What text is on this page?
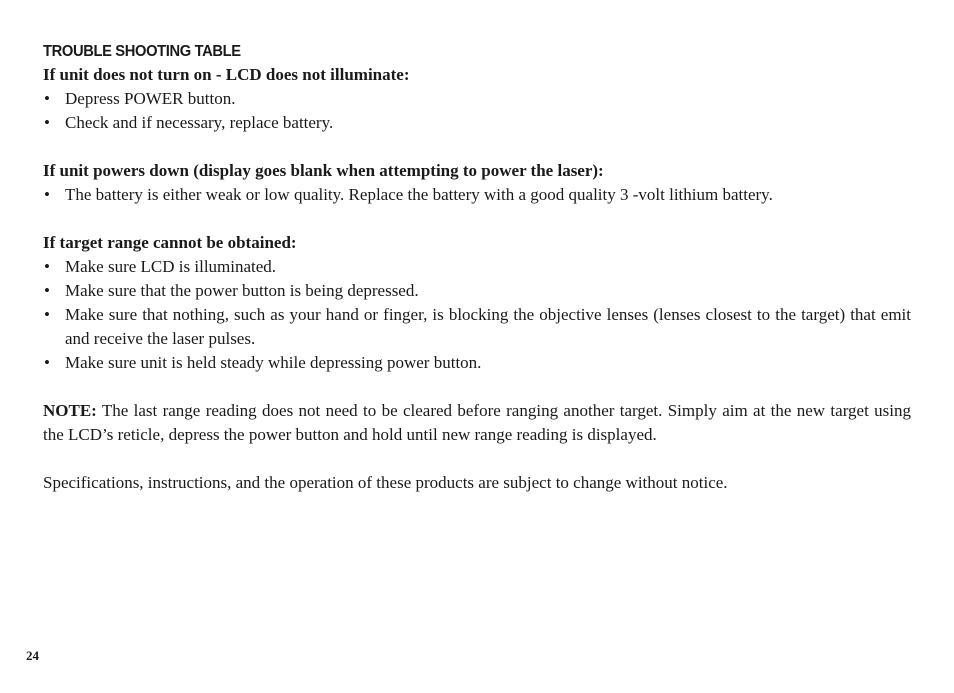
TROUBLE SHOOTING TABLE
If unit does not turn on - LCD does not illuminate:
• Depress POWER button.
• Check and if necessary, replace battery.
If unit powers down (display goes blank when attempting to power the laser):
• The battery is either weak or low quality. Replace the battery with a good quality 3 -volt lithium battery.
If target range cannot be obtained:
• Make sure LCD is illuminated.
• Make sure that the power button is being depressed.
• Make sure that nothing, such as your hand or finger, is blocking the objective lenses (lenses closest to the target) that emit and receive the laser pulses.
• Make sure unit is held steady while depressing power button.

NOTE: The last range reading does not need to be cleared before ranging another target. Simply aim at the new target using the LCD’s reticle, depress the power button and hold until new range reading is displayed.

Specifications, instructions, and the operation of these products are subject to change without notice.

24
